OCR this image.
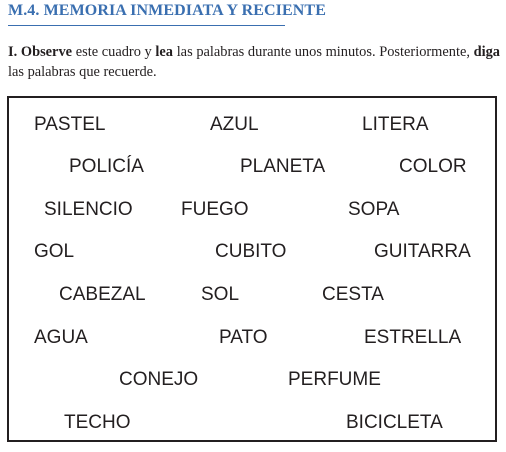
M.4. MEMORIA INMEDIATA Y RECIENTE
I. Observe este cuadro y lea las palabras durante unos minutos. Posteriormente, diga las palabras que recuerde.
PASTEL	AZUL	LITERA
POLICÍA	PLANETA	COLOR
SILENCIO	FUEGO	SOPA
GOL	CUBITO	GUITARRA
CABEZAL	SOL	CESTA
AGUA	PATO	ESTRELLA
CONEJO	PERFUME
TECHO	BICICLETA
